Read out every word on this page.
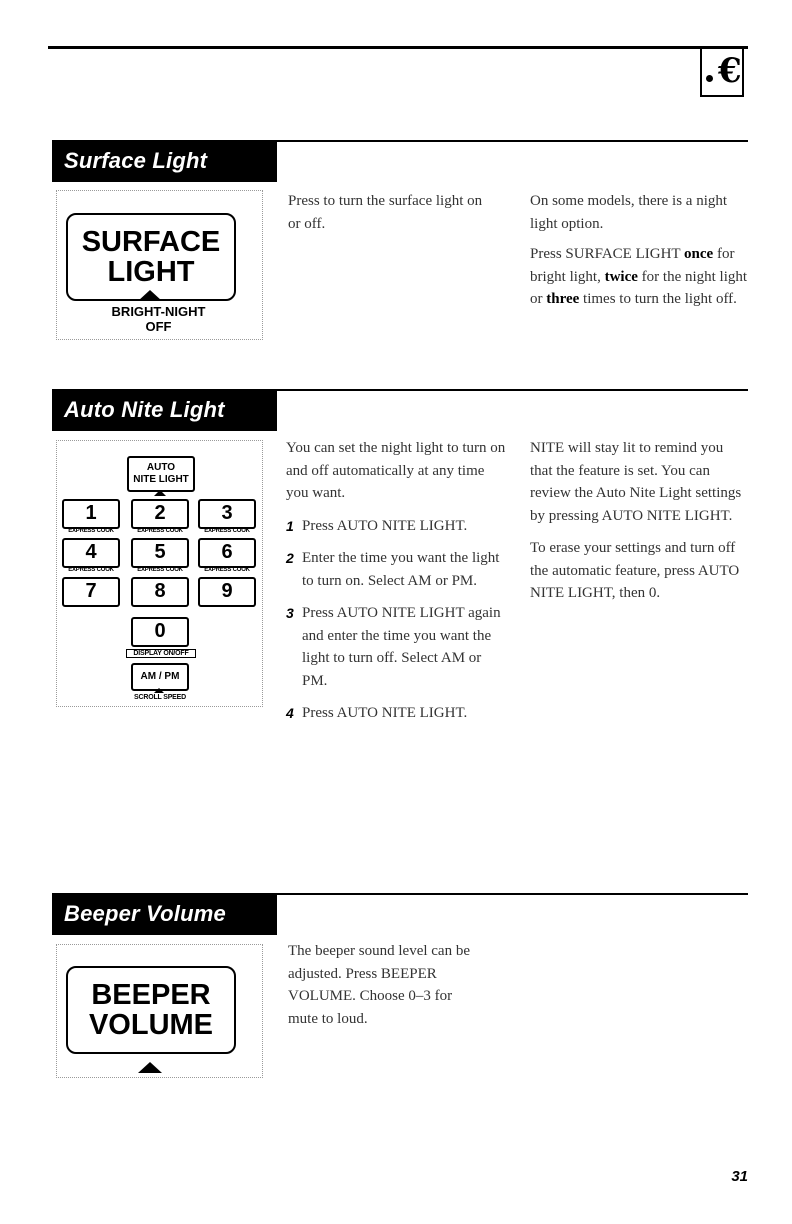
€
Surface Light
SURFACE
LIGHT
BRIGHT-NIGHT
OFF

Press to turn the surface light on or off.

On some models, there is a night light option.

Press SURFACE LIGHT once for bright light, twice for the night light or three times to turn the light off.

Auto Nite Light
AUTO
NITE LIGHT
1	2	3
EXPRESS COOK	EXPRESS COOK	EXPRESS COOK
4	5	6
EXPRESS COOK	EXPRESS COOK	EXPRESS COOK
7	8	9
0
DISPLAY ON/OFF
AM / PM
SCROLL SPEED

You can set the night light to turn on and off automatically at any time you want.

1 Press AUTO NITE LIGHT.
2 Enter the time you want the light to turn on. Select AM or PM.
3 Press AUTO NITE LIGHT again and enter the time you want the light to turn off. Select AM or PM.
4 Press AUTO NITE LIGHT.

NITE will stay lit to remind you that the feature is set. You can review the Auto Nite Light settings by pressing AUTO NITE LIGHT.

To erase your settings and turn off the automatic feature, press AUTO NITE LIGHT, then 0.

Beeper Volume
BEEPER
VOLUME

The beeper sound level can be adjusted. Press BEEPER VOLUME. Choose 0–3 for mute to loud.

31
